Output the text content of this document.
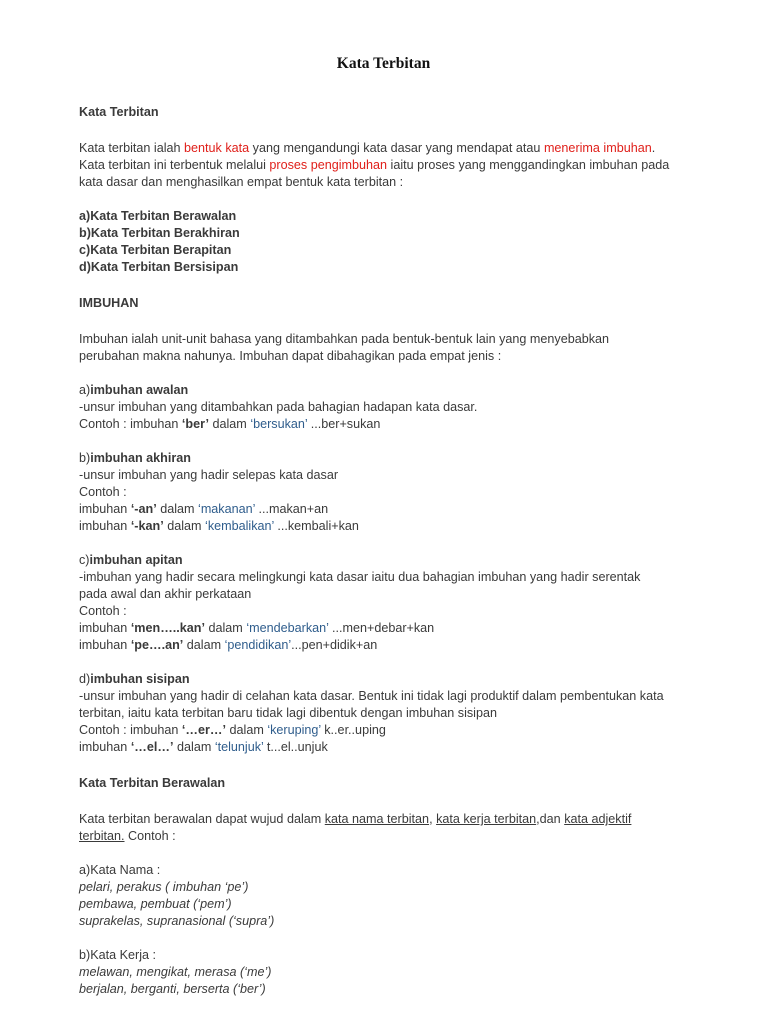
Kata Terbitan

Kata Terbitan

Kata terbitan ialah bentuk kata yang mengandungi kata dasar yang mendapat atau menerima imbuhan.

Kata terbitan ini terbentuk melalui proses pengimbuhan iaitu proses yang menggandingkan imbuhan pada

kata dasar dan menghasilkan empat bentuk kata terbitan :

a)Kata Terbitan Berawalan

b)Kata Terbitan Berakhiran

c)Kata Terbitan Berapitan

d)Kata Terbitan Bersisipan

IMBUHAN

Imbuhan ialah unit-unit bahasa yang ditambahkan pada bentuk-bentuk lain yang menyebabkan

perubahan makna nahunya. Imbuhan dapat dibahagikan pada empat jenis :

a)imbuhan awalan

-unsur imbuhan yang ditambahkan pada bahagian hadapan kata dasar.

Contoh : imbuhan ‘ber’ dalam ‘bersukan’ ...ber+sukan

b)imbuhan akhiran

-unsur imbuhan yang hadir selepas kata dasar

Contoh :

imbuhan ‘-an’ dalam ‘makanan’ ...makan+an

imbuhan ‘-kan’ dalam ‘kembalikan’ ...kembali+kan

c)imbuhan apitan

-imbuhan yang hadir secara melingkungi kata dasar iaitu dua bahagian imbuhan yang hadir serentak

pada awal dan akhir perkataan

Contoh :

imbuhan ‘men…..kan’ dalam ‘mendebarkan’ ...men+debar+kan

imbuhan ‘pe….an’ dalam ‘pendidikan’...pen+didik+an

d)imbuhan sisipan

-unsur imbuhan yang hadir di celahan kata dasar. Bentuk ini tidak lagi produktif dalam pembentukan kata

terbitan, iaitu kata terbitan baru tidak lagi dibentuk dengan imbuhan sisipan

Contoh : imbuhan ‘…er…’ dalam ‘keruping’ k..er..uping

imbuhan ‘…el…’ dalam ‘telunjuk’ t...el..unjuk

Kata Terbitan Berawalan

Kata terbitan berawalan dapat wujud dalam kata nama terbitan, kata kerja terbitan,dan kata adjektif

terbitan. Contoh :

a)Kata Nama :

pelari, perakus ( imbuhan ‘pe’)

pembawa, pembuat (‘pem’)

suprakelas, supranasional (‘supra’)

b)Kata Kerja :

melawan, mengikat, merasa (‘me’)

berjalan, berganti, berserta (‘ber’)
